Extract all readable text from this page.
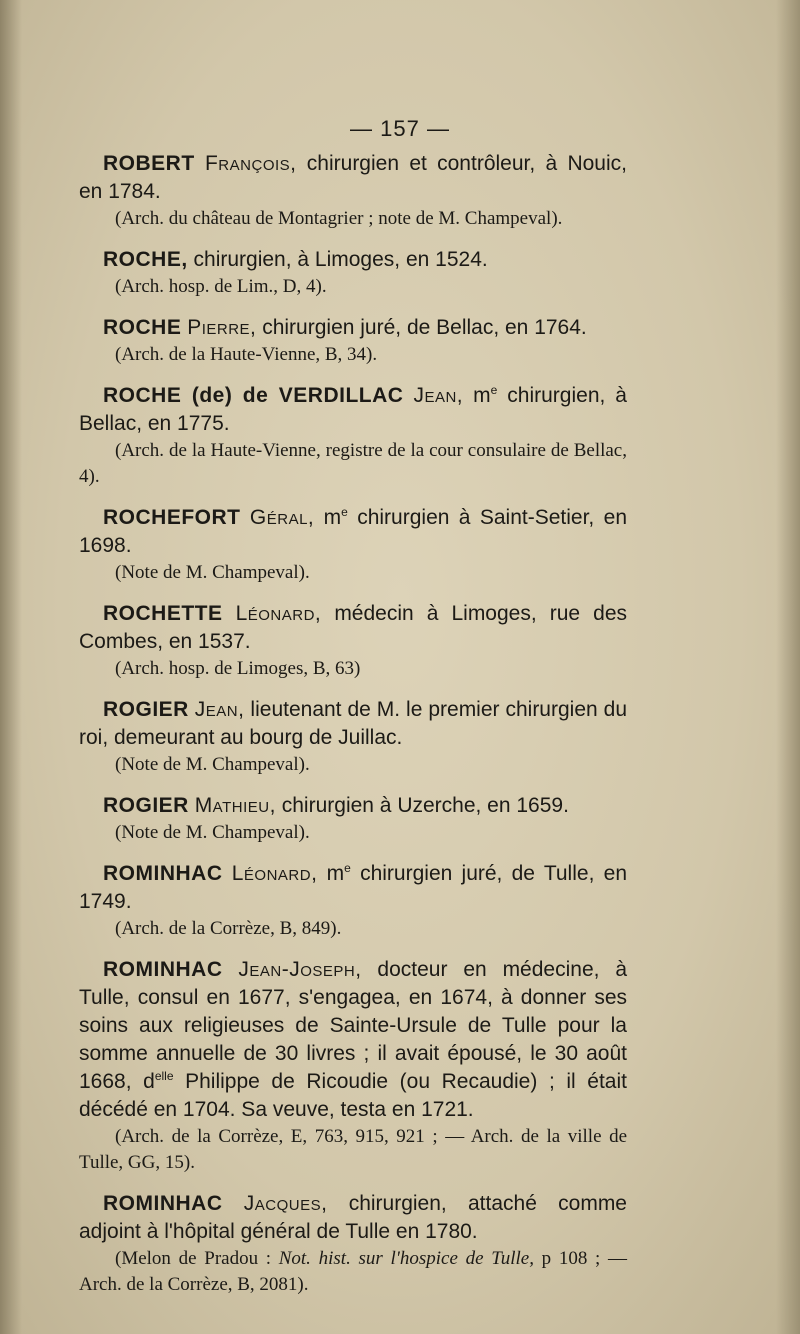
— 157 —

ROBERT François, chirurgien et contrôleur, à Nouic, en 1784.

(Arch. du château de Montagrier ; note de M. Champeval).

ROCHE, chirurgien, à Limoges, en 1524.

(Arch. hosp. de Lim., D, 4).

ROCHE Pierre, chirurgien juré, de Bellac, en 1764.

(Arch. de la Haute-Vienne, B, 34).

ROCHE (de) de VERDILLAC Jean, $m^e$ chirurgien, à Bellac, en 1775.

(Arch. de la Haute-Vienne, registre de la cour consulaire de Bellac, 4).

ROCHEFORT Géral, $m^e$ chirurgien à Saint-Setier, en 1698.

(Note de M. Champeval).

ROCHETTE Léonard, médecin à Limoges, rue des Combes, en 1537.

(Arch. hosp. de Limoges, B, 63)

ROGIER Jean, lieutenant de M. le premier chirurgien du roi, demeurant au bourg de Juillac.

(Note de M. Champeval).

ROGIER Mathieu, chirurgien à Uzerche, en 1659.

(Note de M. Champeval).

ROMINHAC Léonard, $m^e$ chirurgien juré, de Tulle, en 1749.

(Arch. de la Corrèze, B, 849).

ROMINHAC Jean-Joseph, docteur en médecine, à Tulle, consul en 1677, s'engagea, en 1674, à donner ses soins aux religieuses de Sainte-Ursule de Tulle pour la somme annuelle de 30 livres ; il avait épousé, le 30 août 1668, $d^{elle}$ Philippe de Ricoudie (ou Recaudie) ; il était décédé en 1704. Sa veuve, testa en 1721.

(Arch. de la Corrèze, E, 763, 915, 921 ; — Arch. de la ville de Tulle, GG, 15).

ROMINHAC Jacques, chirurgien, attaché comme adjoint à l'hôpital général de Tulle en 1780.

(Melon de Pradou : Not. hist. sur l'hospice de Tulle, p 108 ; — Arch. de la Corrèze, B, 2081).
